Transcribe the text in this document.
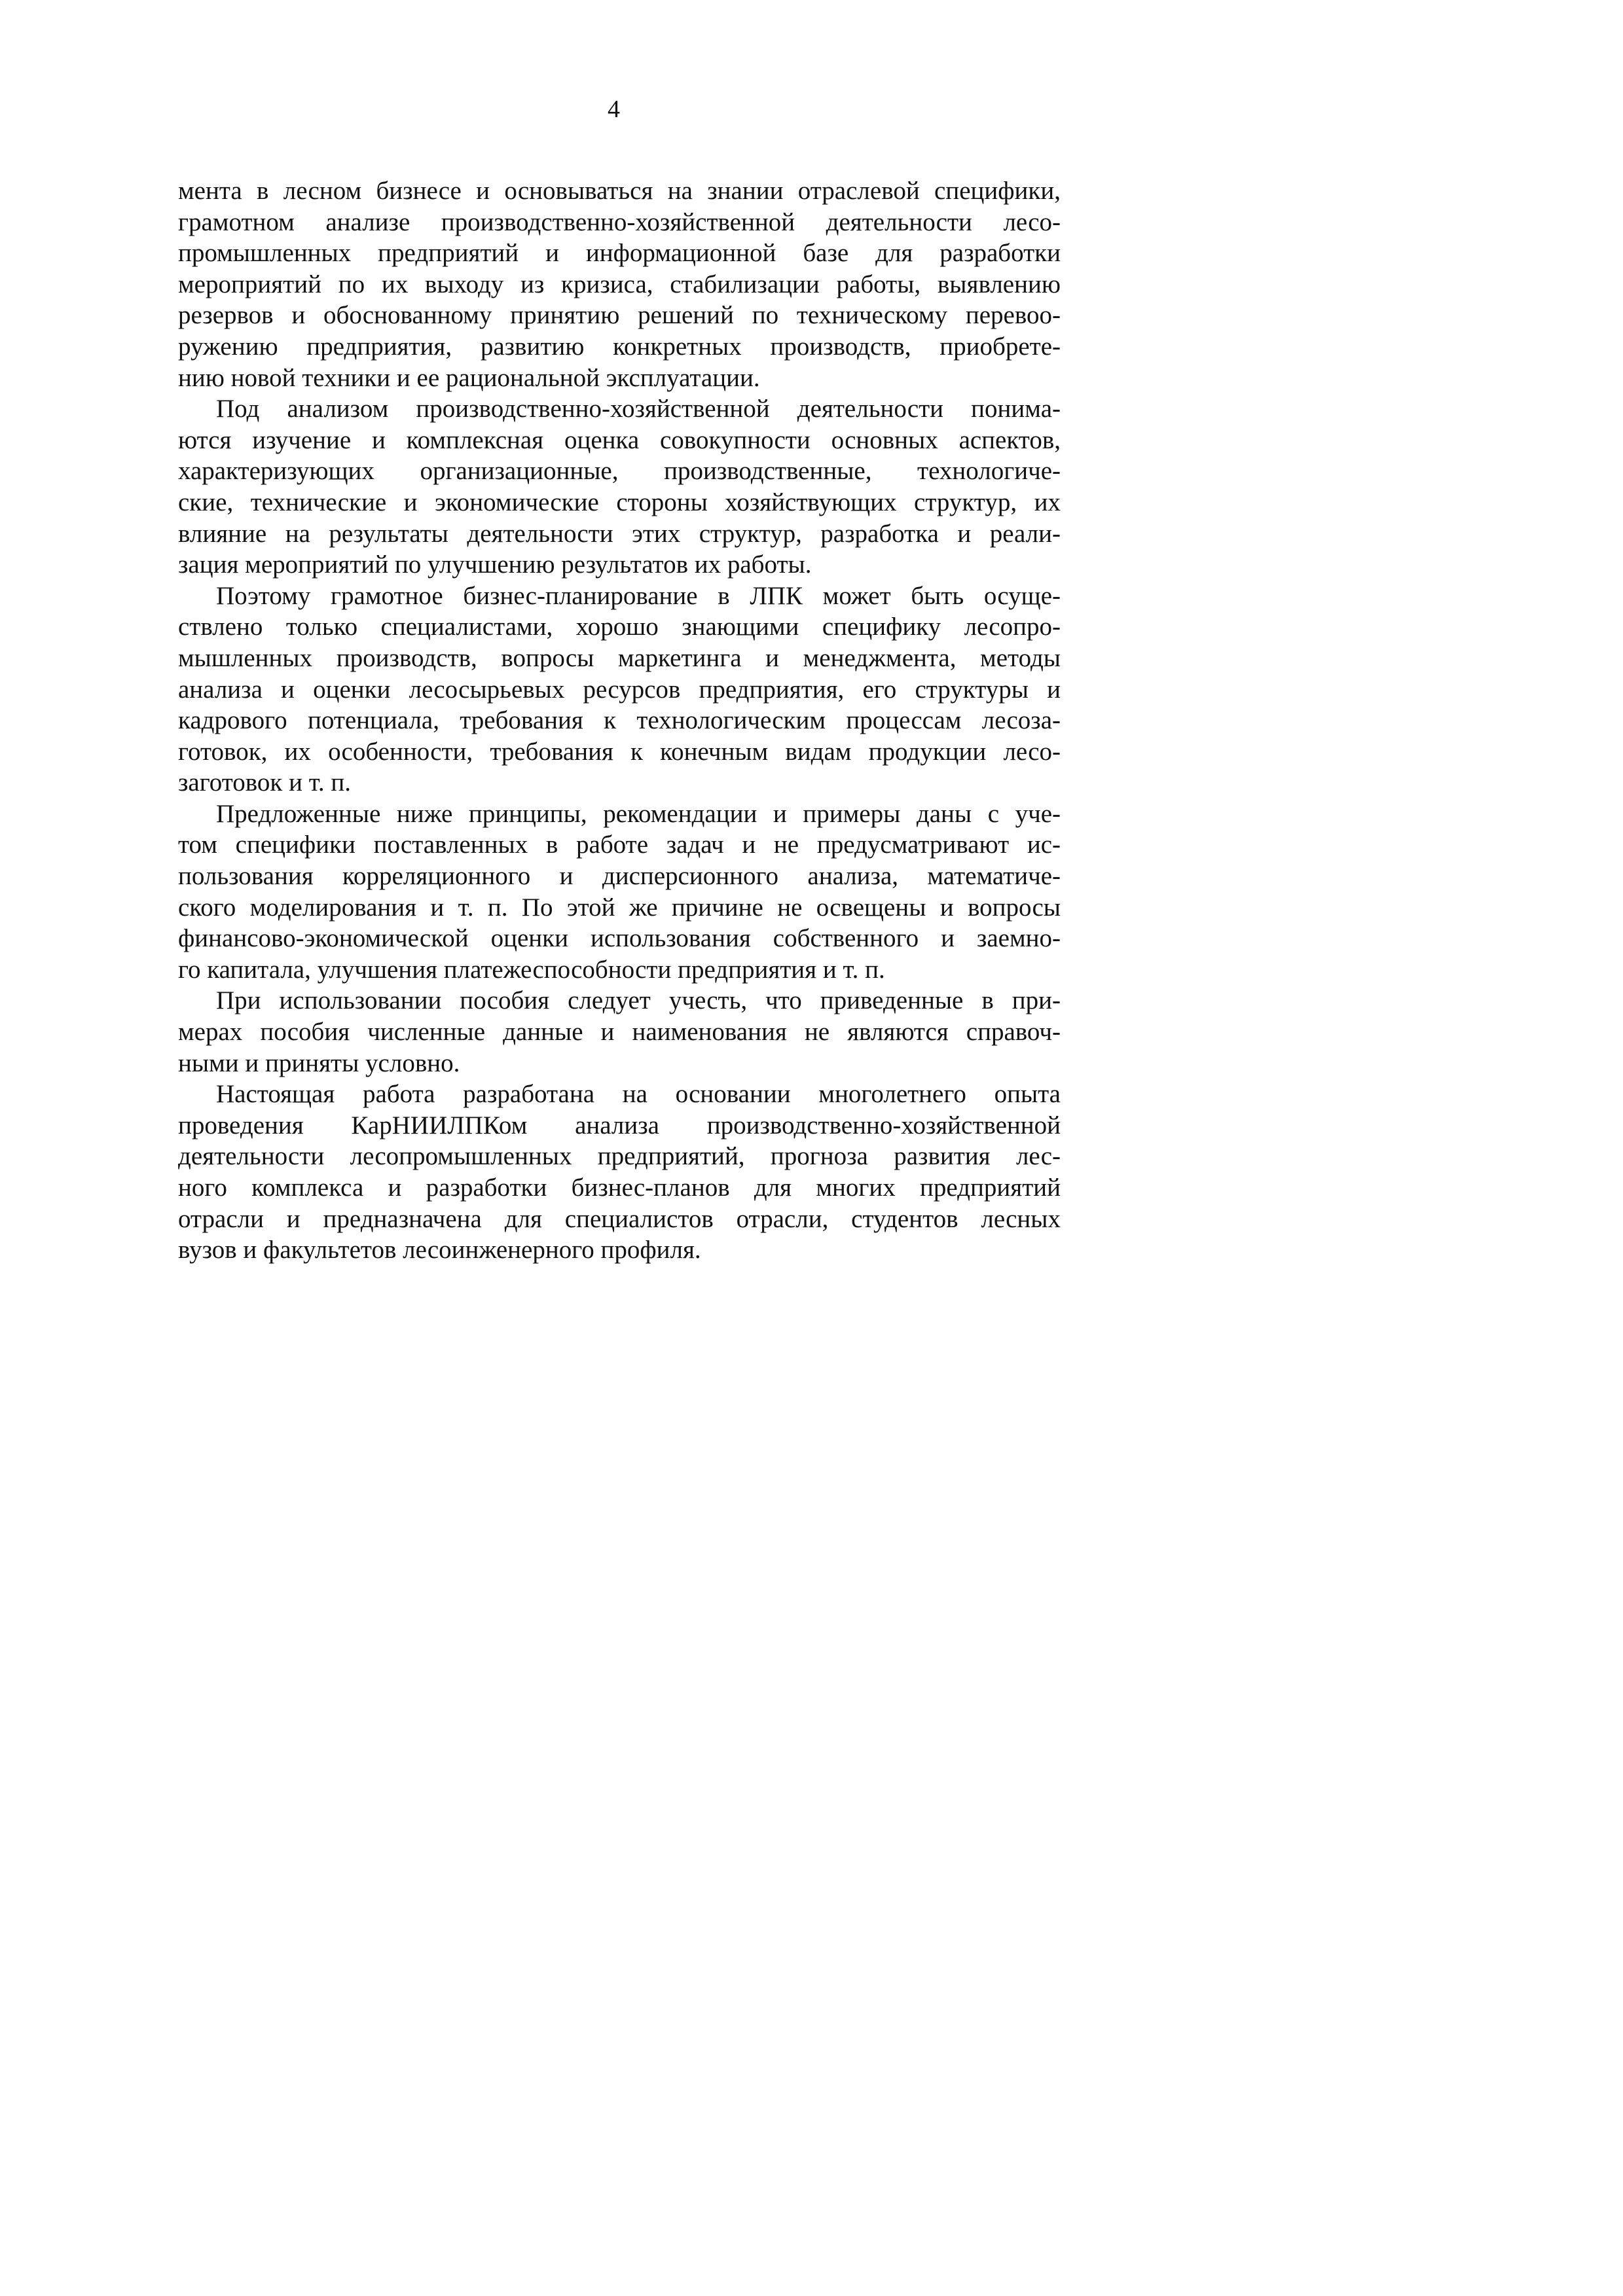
4
мента в лесном бизнесе и основываться на знании отраслевой специфики,
грамотном анализе производственно-хозяйственной деятельности лесо-
промышленных предприятий и информационной базе для разработки
мероприятий по их выходу из кризиса, стабилизации работы, выявлению
резервов и обоснованному принятию решений по техническому перевоо-
ружению предприятия, развитию конкретных производств, приобрете-
нию новой техники и ее рациональной эксплуатации.
Под анализом производственно-хозяйственной деятельности понима-
ются изучение и комплексная оценка совокупности основных аспектов,
характеризующих организационные, производственные, технологиче-
ские, технические и экономические стороны хозяйствующих структур, их
влияние на результаты деятельности этих структур, разработка и реали-
зация мероприятий по улучшению результатов их работы.
Поэтому грамотное бизнес-планирование в ЛПК может быть осуще-
ствлено только специалистами, хорошо знающими специфику лесопро-
мышленных производств, вопросы маркетинга и менеджмента, методы
анализа и оценки лесосырьевых ресурсов предприятия, его структуры и
кадрового потенциала, требования к технологическим процессам лесоза-
готовок, их особенности, требования к конечным видам продукции лесо-
заготовок и т. п.
Предложенные ниже принципы, рекомендации и примеры даны с уче-
том специфики поставленных в работе задач и не предусматривают ис-
пользования корреляционного и дисперсионного анализа, математиче-
ского моделирования и т. п. По этой же причине не освещены и вопросы
финансово-экономической оценки использования собственного и заемно-
го капитала, улучшения платежеспособности предприятия и т. п.
При использовании пособия следует учесть, что приведенные в при-
мерах пособия численные данные и наименования не являются справоч-
ными и приняты условно.
Настоящая работа разработана на основании многолетнего опыта
проведения КарНИИЛПКом анализа производственно-хозяйственной
деятельности лесопромышленных предприятий, прогноза развития лес-
ного комплекса и разработки бизнес-планов для многих предприятий
отрасли и предназначена для специалистов отрасли, студентов лесных
вузов и факультетов лесоинженерного профиля.
